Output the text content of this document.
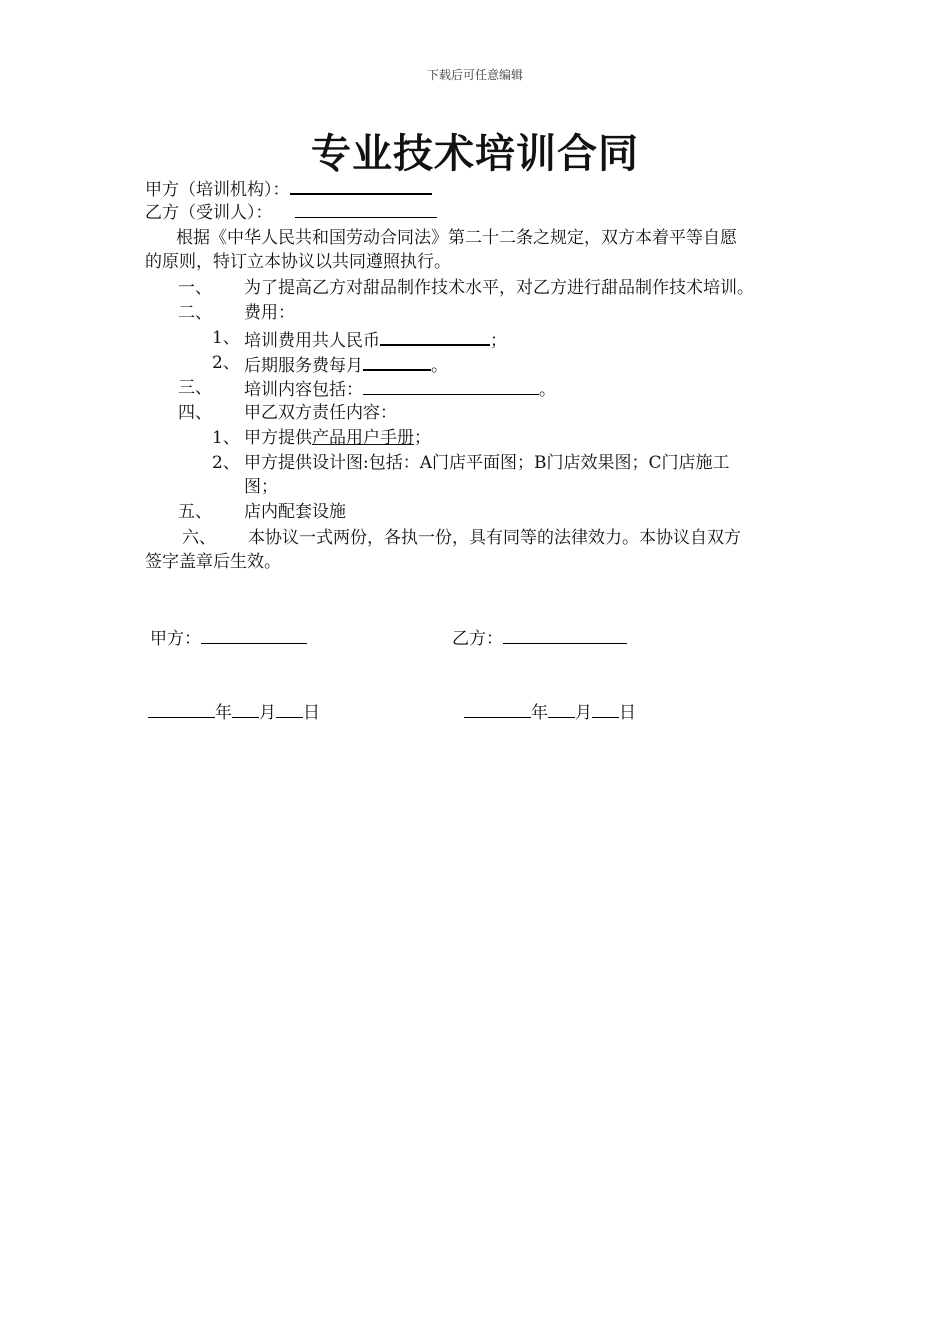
下载后可任意编辑
专业技术培训合同
甲方（培训机构）：
乙方（受训人）：
根据《中华人民共和国劳动合同法》第二十二条之规定，双方本着平等自愿
的原则，特订立本协议以共同遵照执行。
一、 为了提高乙方对甜品制作技术水平，对乙方进行甜品制作技术培训。
二、 费用：
1、 培训费用共人民币	；
2、 后期服务费每月	。
三、 培训内容包括：	。
四、 甲乙双方责任内容：
1、 甲方提供产品用户手册；
2、 甲方提供设计图:包括：A门店平面图；B门店效果图；C门店施工
图；
五、 店内配套设施
六、 本协议一式两份，各执一份，具有同等的法律效力。本协议自双方
签字盖章后生效。
甲方：	乙方：
年 月 日	年 月 日
